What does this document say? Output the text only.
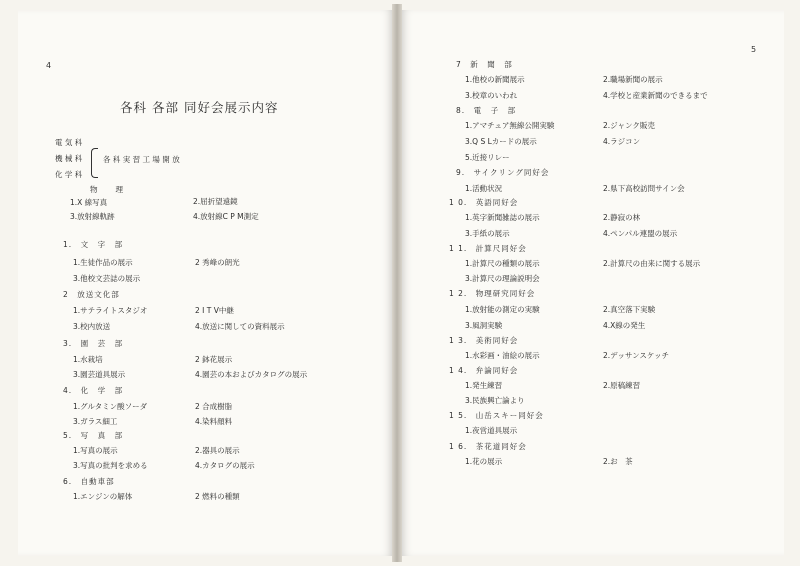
4
各科 各部 同好会展示内容
電 気 科
機 械 科
化 学 科
各 科 実 習 工 場 開 放
物　　理
1.X 線写真	2.屈折望遠鏡
3.放射線軌跡	4.放射線C P M測定
1.　文　字　部
1.生徒作品の展示	2 秀峰の朗光
3.他校文芸誌の展示
2　放送文化部
1.サテライトスタジオ	2 I T V中継
3.校内放送	4.放送に関しての資料展示
3.　園　芸　部
1.水栽培	2 鉢花展示
3.園芸道具展示	4.園芸の本およびカタログの展示
4.　化　学　部
1.グルタミン酸ソーダ	2 合成樹脂
3.ガラス細工	4.染料顔料
5.　写　真　部
1.写真の展示	2.器具の展示
3.写真の批判を求める	4.カタログの展示
6.　自動車部
1.エンジンの解体	2 燃料の種類
5
7　新　聞　部
1.他校の新聞展示	2.職場新聞の展示
3.校章のいわれ	4.学校と産業新聞のできるまで
8.　電　子　部
1.アマチュア無線公開実験	2.ジャンク販売
3.Q S Lカードの展示	4.ラジコン
5.近接リレー
9.　サイクリング同好会
1.活動状況	2.県下高校訪問サイン会
1 0.　英語同好会
1.英字新聞雑誌の展示	2.静寂の林
3.手紙の展示	4.ペンパル連盟の展示
1 1.　計算尺同好会
1.計算尺の種類の展示	2.計算尺の由来に関する展示
3.計算尺の理論説明会
1 2.　物理研究同好会
1.放射能の測定の実験	2.真空落下実験
3.風洞実験	4.X線の発生
1 3.　美術同好会
1.水彩画・油絵の展示	2.デッサンスケッチ
1 4.　弁論同好会
1.発生練習	2.原稿練習
3.民族興亡論より
1 5.　山岳スキー同好会
1.夜営道具展示
1 6.　茶花道同好会
1.花の展示	2.お　茶
